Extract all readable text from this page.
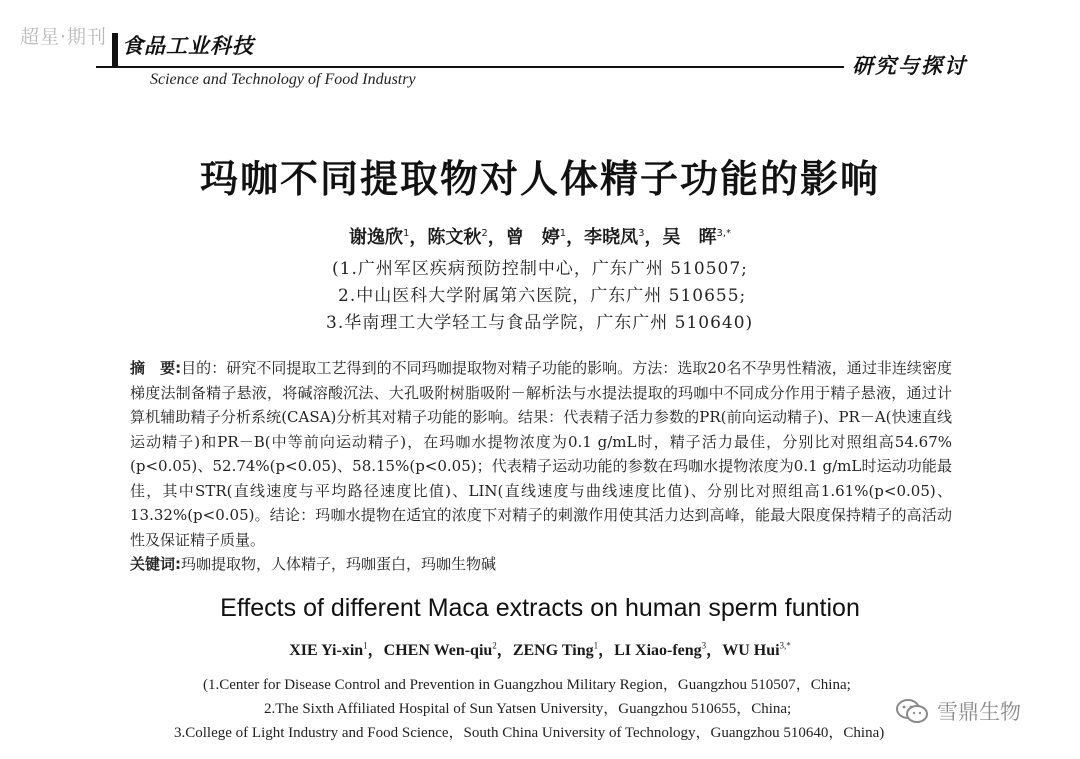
超星·期刊 食品工业科技
Science and Technology of Food Industry
研究与探讨
玛咖不同提取物对人体精子功能的影响
谢逸欣$^1$，陈文秋$^2$，曾　婷$^1$，李晓凤$^3$，吴　晖$^{3,*}$
(1.广州军区疾病预防控制中心，广东广州 510507;
2.中山医科大学附属第六医院，广东广州 510655;
3.华南理工大学轻工与食品学院，广东广州 510640)
摘　要:目的：研究不同提取工艺得到的不同玛咖提取物对精子功能的影响。方法：选取20名不孕男性精液，通过非连续密度梯度法制备精子悬液，将碱溶酸沉法、大孔吸附树脂吸附－解析法与水提法提取的玛咖中不同成分作用于精子悬液，通过计算机辅助精子分析系统(CASA)分析其对精子功能的影响。结果：代表精子活力参数的PR(前向运动精子)、PR－A(快速直线运动精子)和PR－B(中等前向运动精子)，在玛咖水提物浓度为0.1 g/mL时，精子活力最佳，分别比对照组高54.67%(p<0.05)、52.74%(p<0.05)、58.15%(p<0.05)；代表精子运动功能的参数在玛咖水提物浓度为0.1 g/mL时运动功能最佳，其中STR(直线速度与平均路径速度比值)、LIN(直线速度与曲线速度比值)、分别比对照组高1.61%(p<0.05)、13.32%(p<0.05)。结论：玛咖水提物在适宜的浓度下对精子的刺激作用使其活力达到高峰，能最大限度保持精子的高活动性及保证精子质量。
关键词:玛咖提取物，人体精子，玛咖蛋白，玛咖生物碱
Effects of different Maca extracts on human sperm funtion
XIE Yi-xin$^1$，CHEN Wen-qiu$^2$，ZENG Ting$^1$，LI Xiao-feng$^3$，WU Hui$^{3,*}$
(1.Center for Disease Control and Prevention in Guangzhou Military Region，Guangzhou 510507，China;
2.The Sixth Affiliated Hospital of Sun Yatsen University，Guangzhou 510655，China;
3.College of Light Industry and Food Science，South China University of Technology，Guangzhou 510640，China)
雪鼎生物
